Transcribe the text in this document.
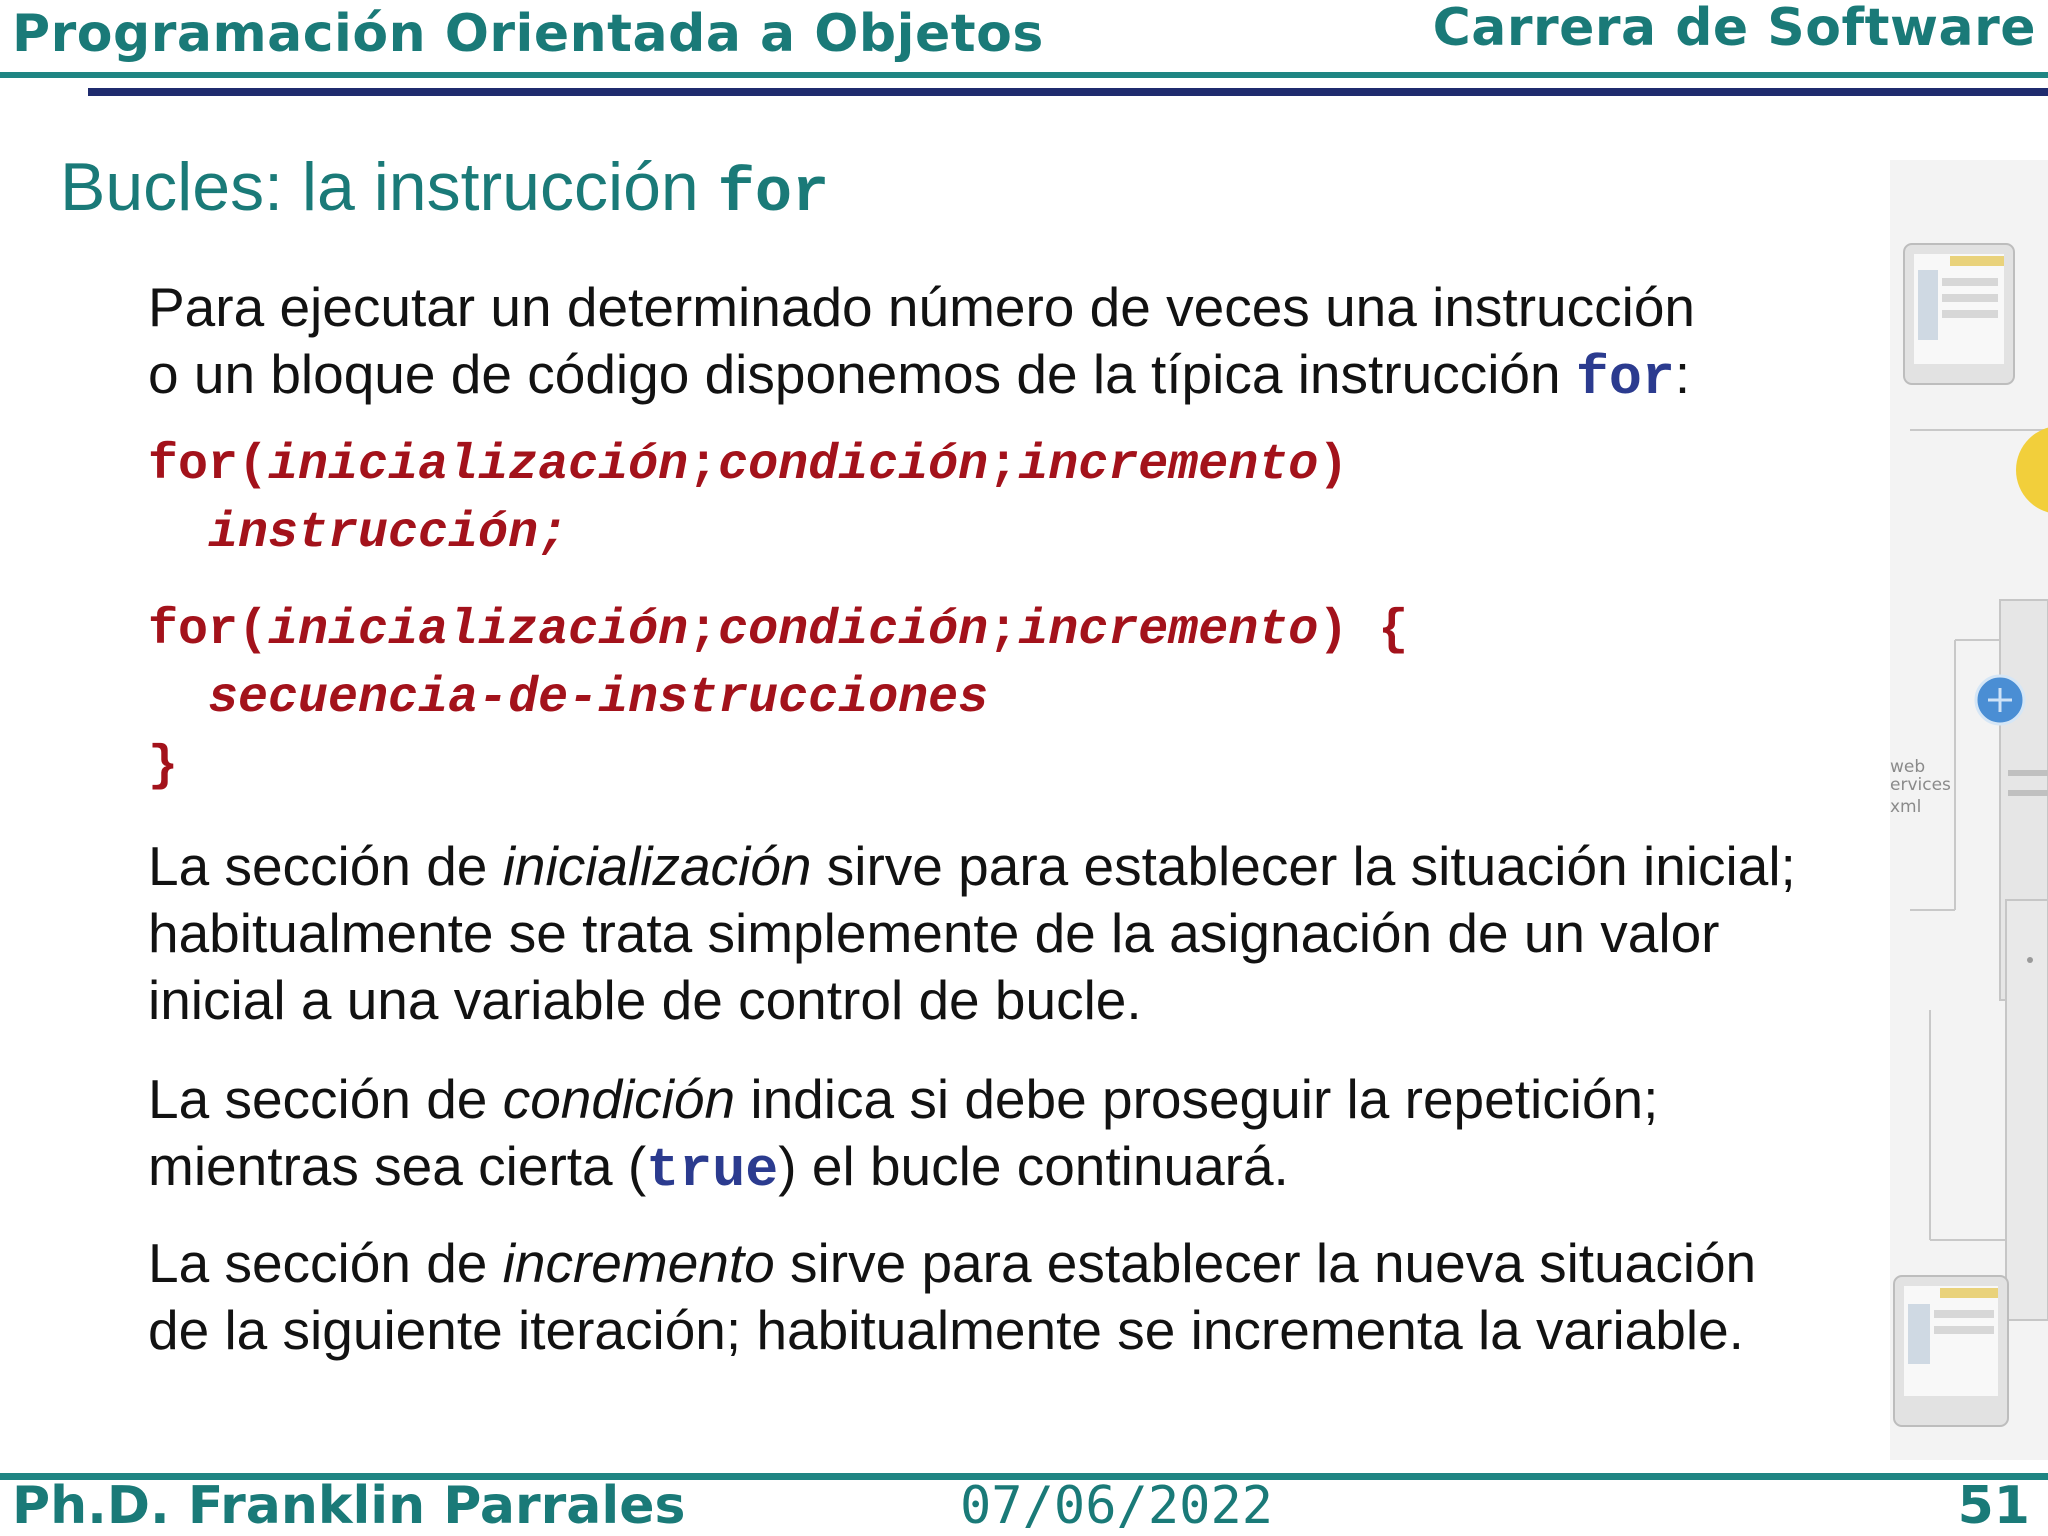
Programación Orientada a Objetos	Carrera de Software
Bucles: la instrucción for
Para ejecutar un determinado número de veces una instrucción
o un bloque de código disponemos de la típica instrucción for:
for(inicialización;condición;incremento)
instrucción;
for(inicialización;condición;incremento) {
secuencia-de-instrucciones
}
La sección de inicialización sirve para establecer la situación inicial;
habitualmente se trata simplemente de la asignación de un valor
inicial a una variable de control de bucle.
La sección de condición indica si debe proseguir la repetición;
mientras sea cierta (true) el bucle continuará.
La sección de incremento sirve para establecer la nueva situación
de la siguiente iteración; habitualmente se incrementa la variable.
web
ervices
xml
Ph.D. Franklin Parrales	07/06/2022	51
